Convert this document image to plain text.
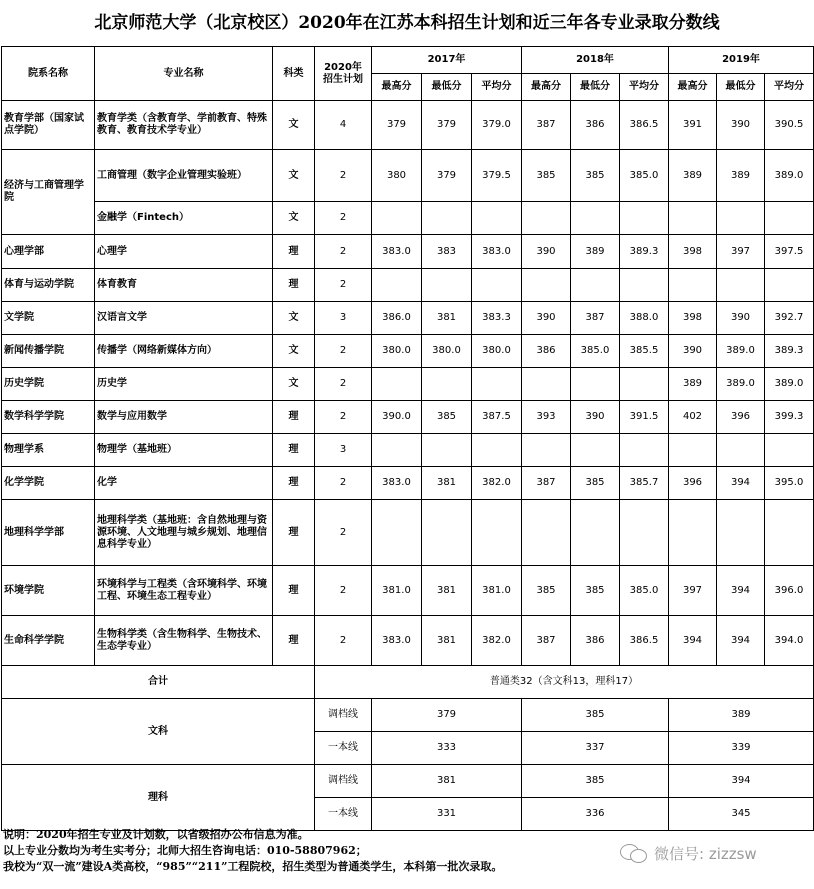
北京师范大学（北京校区）2020年在江苏本科招生计划和近三年各专业录取分数线
院系名称	专业名称	科类	2020年
招生计划	2017年			2018年			2019年		
				最高分	最低分	平均分	最高分	最低分	平均分	最高分	最低分	平均分
教育学部（国家试点学院）	教育学类（含教育学、学前教育、特殊教育、教育技术学专业）	文	4	379	379	379.0	387	386	386.5	391	390	390.5
经济与工商管理学院	工商管理（数字企业管理实验班）	文	2	380	379	379.5	385	385	385.0	389	389	389.0
	金融学（Fintech）	文	2									
心理学部	心理学	理	2	383.0	383	383.0	390	389	389.3	398	397	397.5
体育与运动学院	体育教育	理	2									
文学院	汉语言文学	文	3	386.0	381	383.3	390	387	388.0	398	390	392.7
新闻传播学院	传播学（网络新媒体方向）	文	2	380.0	380.0	380.0	386	385.0	385.5	390	389.0	389.3
历史学院	历史学	文	2							389	389.0	389.0
数学科学学院	数学与应用数学	理	2	390.0	385	387.5	393	390	391.5	402	396	399.3
物理学系	物理学（基地班）	理	3									
化学学院	化学	理	2	383.0	381	382.0	387	385	385.7	396	394	395.0
地理科学学部	地理科学类（基地班：含自然地理与资源环境、人文地理与城乡规划、地理信息科学专业）	理	2									
环境学院	环境科学与工程类（含环境科学、环境工程、环境生态工程专业）	理	2	381.0	381	381.0	385	385	385.0	397	394	396.0
生命科学学院	生物科学类（含生物科学、生物技术、生态学专业）	理	2	383.0	381	382.0	387	386	386.5	394	394	394.0
合计			普通类32（含文科13，理科17）									
文科			调档线	379			385			389		
			一本线	333			337			339		
理科			调档线	381			385			394		
			一本线	331			336			345		
说明：2020年招生专业及计划数，以省级招办公布信息为准。
以上专业分数均为考生实考分；北师大招生咨询电话：010-58807962；
我校为“双一流”建设A类高校，“985”“211”工程院校，招生类型为普通类学生，本科第一批次录取。
微信号: zizzsw
